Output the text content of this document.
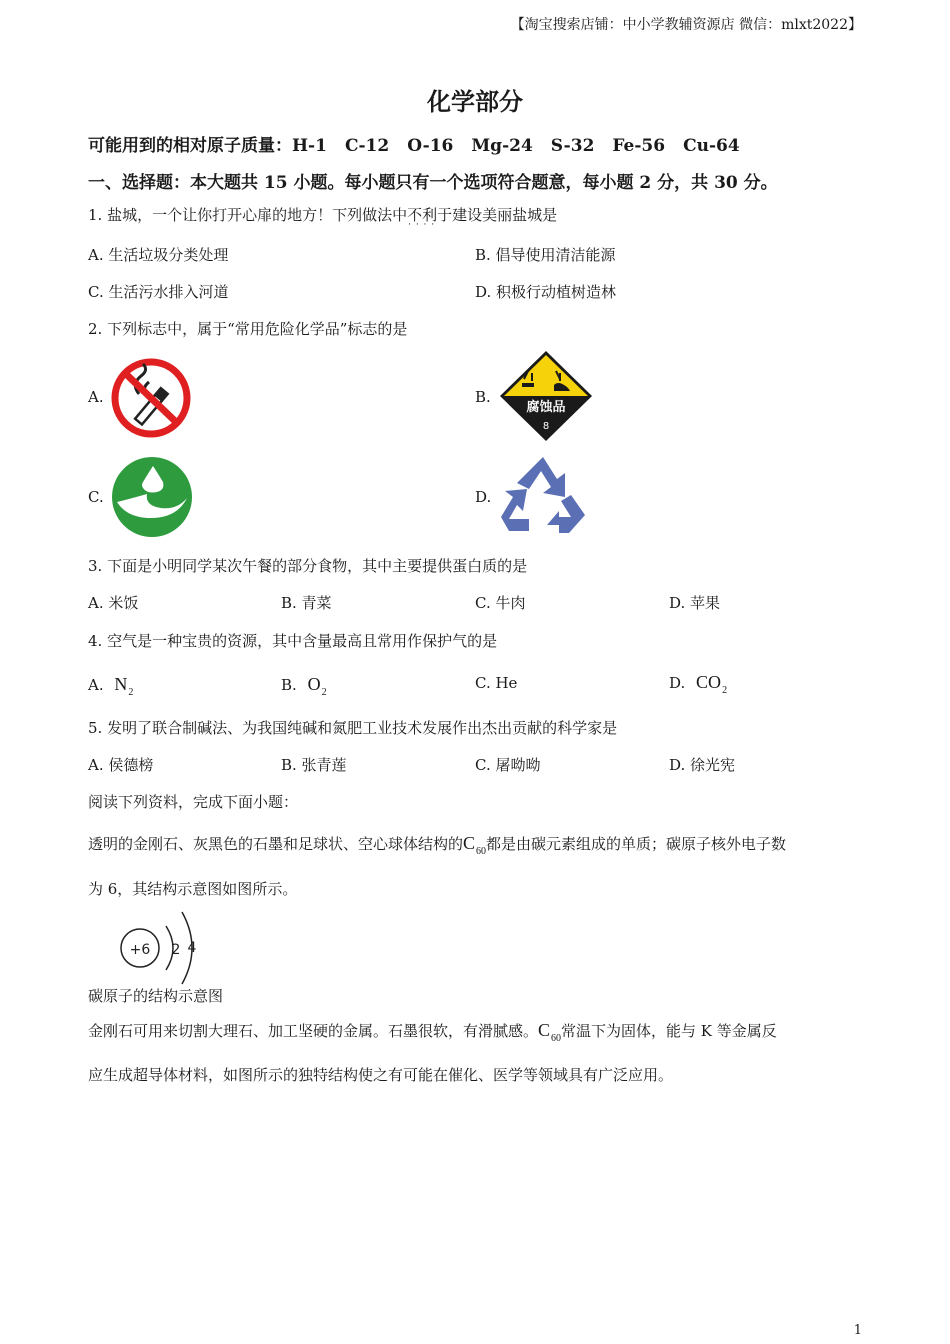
【淘宝搜索店铺：中小学教辅资源店 微信：mlxt2022】
化学部分
可能用到的相对原子质量：H-1 C-12 O-16 Mg-24 S-32 Fe-56 Cu-64
一、选择题：本大题共 15 小题。每小题只有一个选项符合题意，每小题 2 分，共 30 分。
1. 盐城，一个让你打开心扉的地方！下列做法中不利于 · · · ·建设美丽盐城是
A. 生活垃圾分类处理	B. 倡导使用清洁能源
C. 生活污水排入河道	D. 积极行动植树造林
2. 下列标志中，属于“常用危险化学品”标志的是
A.	B.
腐蚀品
8
C.	D.
3. 下面是小明同学某次午餐的部分食物，其中主要提供蛋白质的是
A. 米饭	B. 青菜	C. 牛肉	D. 苹果
4. 空气是一种宝贵的资源，其中含量最高且常用作保护气的是
A. $N_2$	B. $O_2$
C. He	D. $CO_2$
5. 发明了联合制碱法、为我国纯碱和氮肥工业技术发展作出杰出贡献的科学家是
A. 侯德榜	B. 张青莲	C. 屠呦呦	D. 徐光宪
阅读下列资料，完成下面小题：
透明的金刚石、灰黑色的石墨和足球状、空心球体结构的$C_{60}$都是由碳元素组成的单质；碳原子核外电子数
为 6，其结构示意图如图所示。
+6 2 4
碳原子的结构示意图
金刚石可用来切割大理石、加工坚硬的金属。石墨很软，有滑腻感。$C_{60}$常温下为固体，能与 K 等金属反
应生成超导体材料，如图所示的独特结构使之有可能在催化、医学等领域具有广泛应用。
1
